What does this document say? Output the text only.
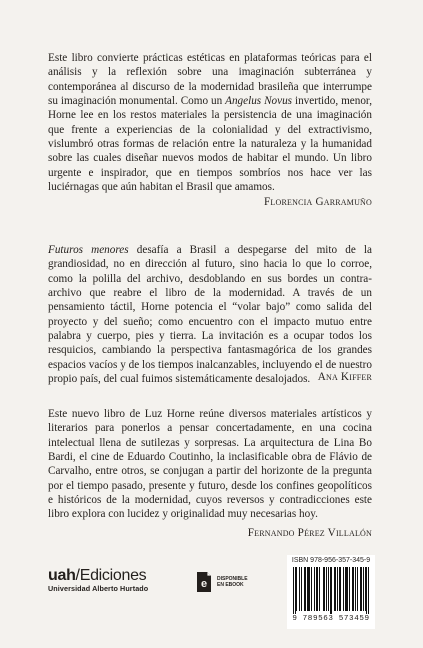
Este libro convierte prácticas estéticas en plataformas teóricas para el análisis y la reflexión sobre una imaginación subterránea y contemporánea al discurso de la modernidad brasileña que interrumpe su imaginación monumental. Como un Angelus Novus invertido, menor, Horne lee en los restos materiales la persistencia de una imaginación que frente a experiencias de la colonialidad y del extractivismo, vislumbró otras formas de relación entre la naturaleza y la humanidad sobre las cuales diseñar nuevos modos de habitar el mundo. Un libro urgente e inspirador, que en tiempos sombríos nos hace ver las luciérnagas que aún habitan el Brasil que amamos.

Florencia Garramuño

Futuros menores desafía a Brasil a despegarse del mito de la grandiosidad, no en dirección al futuro, sino hacia lo que lo corroe, como la polilla del archivo, desdoblando en sus bordes un contra-archivo que reabre el libro de la modernidad. A través de un pensamiento táctil, Horne potencia el “volar bajo” como salida del proyecto y del sueño; como encuentro con el impacto mutuo entre palabra y cuerpo, pies y tierra. La invitación es a ocupar todos los resquicios, cambiando la perspectiva fantasmagórica de los grandes espacios vacíos y de los tiempos inalcanzables, incluyendo el de nuestro propio país, del cual fuimos sistemáticamente desalojados. Ana Kiffer

Este nuevo libro de Luz Horne reúne diversos materiales artísticos y literarios para ponerlos a pensar concertadamente, en una cocina intelectual llena de sutilezas y sorpresas. La arquitectura de Lina Bo Bardi, el cine de Eduardo Coutinho, la inclasificable obra de Flávio de Carvalho, entre otros, se conjugan a partir del horizonte de la pregunta por el tiempo pasado, presente y futuro, desde los confines geopolíticos e históricos de la modernidad, cuyos reversos y contradicciones este libro explora con lucidez y originalidad muy necesarias hoy.

Fernando Pérez Villalón
uah/Ediciones
Universidad Alberto Hurtado	e DISPONIBLE
EN EBOOK
ISBN 978-956-357-345-9
9 789563 573459
